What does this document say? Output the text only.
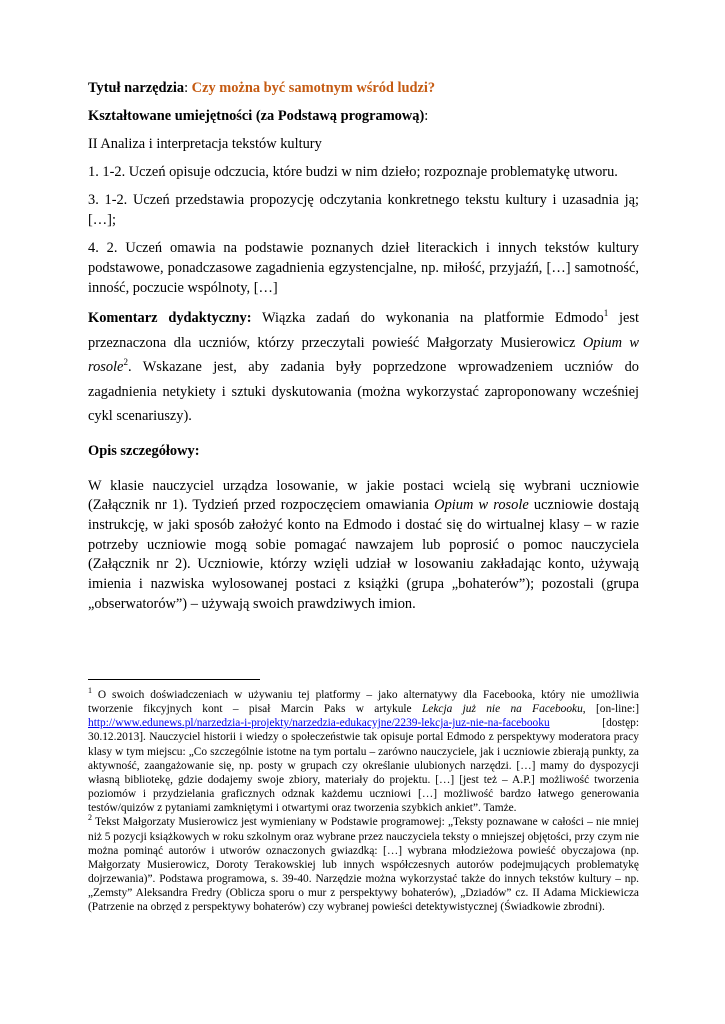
Tytuł narzędzia: Czy można być samotnym wśród ludzi?

Kształtowane umiejętności (za Podstawą programową):

II Analiza i interpretacja tekstów kultury

1. 1-2. Uczeń opisuje odczucia, które budzi w nim dzieło; rozpoznaje problematykę utworu.

3. 1-2. Uczeń przedstawia propozycję odczytania konkretnego tekstu kultury i uzasadnia ją; […];

4. 2. Uczeń omawia na podstawie poznanych dzieł literackich i innych tekstów kultury podstawowe, ponadczasowe zagadnienia egzystencjalne, np. miłość, przyjaźń, […] samotność, inność, poczucie wspólnoty, […]

Komentarz dydaktyczny: Wiązka zadań do wykonania na platformie Edmodo$^1$ jest przeznaczona dla uczniów, którzy przeczytali powieść Małgorzaty Musierowicz Opium w rosole$^2$. Wskazane jest, aby zadania były poprzedzone wprowadzeniem uczniów do zagadnienia netykiety i sztuki dyskutowania (można wykorzystać zaproponowany wcześniej cykl scenariuszy).

Opis szczegółowy:

W klasie nauczyciel urządza losowanie, w jakie postaci wcielą się wybrani uczniowie (Załącznik nr 1). Tydzień przed rozpoczęciem omawiania Opium w rosole uczniowie dostają instrukcję, w jaki sposób założyć konto na Edmodo i dostać się do wirtualnej klasy – w razie potrzeby uczniowie mogą sobie pomagać nawzajem lub poprosić o pomoc nauczyciela (Załącznik nr 2). Uczniowie, którzy wzięli udział w losowaniu zakładając konto, używają imienia i nazwiska wylosowanej postaci z książki (grupa „bohaterów”); pozostali (grupa „obserwatorów”) – używają swoich prawdziwych imion.

$^1$ O swoich doświadczeniach w używaniu tej platformy – jako alternatywy dla Facebooka, który nie umożliwia tworzenie fikcyjnych kont – pisał Marcin Paks w artykule Lekcja już nie na Facebooku, [on-line:] http://www.edunews.pl/narzedzia-i-projekty/narzedzia-edukacyjne/2239-lekcja-juz-nie-na-facebooku [dostęp: 30.12.2013]. Nauczyciel historii i wiedzy o społeczeństwie tak opisuje portal Edmodo z perspektywy moderatora pracy klasy w tym miejscu: „Co szczególnie istotne na tym portalu – zarówno nauczyciele, jak i uczniowie zbierają punkty, za aktywność, zaangażowanie się, np. posty w grupach czy określanie ulubionych narzędzi. […] mamy do dyspozycji własną bibliotekę, gdzie dodajemy swoje zbiory, materiały do projektu. […] [jest też – A.P.] możliwość tworzenia poziomów i przydzielania graficznych odznak każdemu uczniowi […] możliwość bardzo łatwego generowania testów/quizów z pytaniami zamkniętymi i otwartymi oraz tworzenia szybkich ankiet”. Tamże.

$^2$ Tekst Małgorzaty Musierowicz jest wymieniany w Podstawie programowej: „Teksty poznawane w całości – nie mniej niż 5 pozycji książkowych w roku szkolnym oraz wybrane przez nauczyciela teksty o mniejszej objętości, przy czym nie można pominąć autorów i utworów oznaczonych gwiazdką: […] wybrana młodzieżowa powieść obyczajowa (np. Małgorzaty Musierowicz, Doroty Terakowskiej lub innych współczesnych autorów podejmujących problematykę dojrzewania)”. Podstawa programowa, s. 39-40. Narzędzie można wykorzystać także do innych tekstów kultury – np. „Zemsty” Aleksandra Fredry (Oblicza sporu o mur z perspektywy bohaterów), „Dziadów” cz. II Adama Mickiewicza (Patrzenie na obrzęd z perspektywy bohaterów) czy wybranej powieści detektywistycznej (Świadkowie zbrodni).
